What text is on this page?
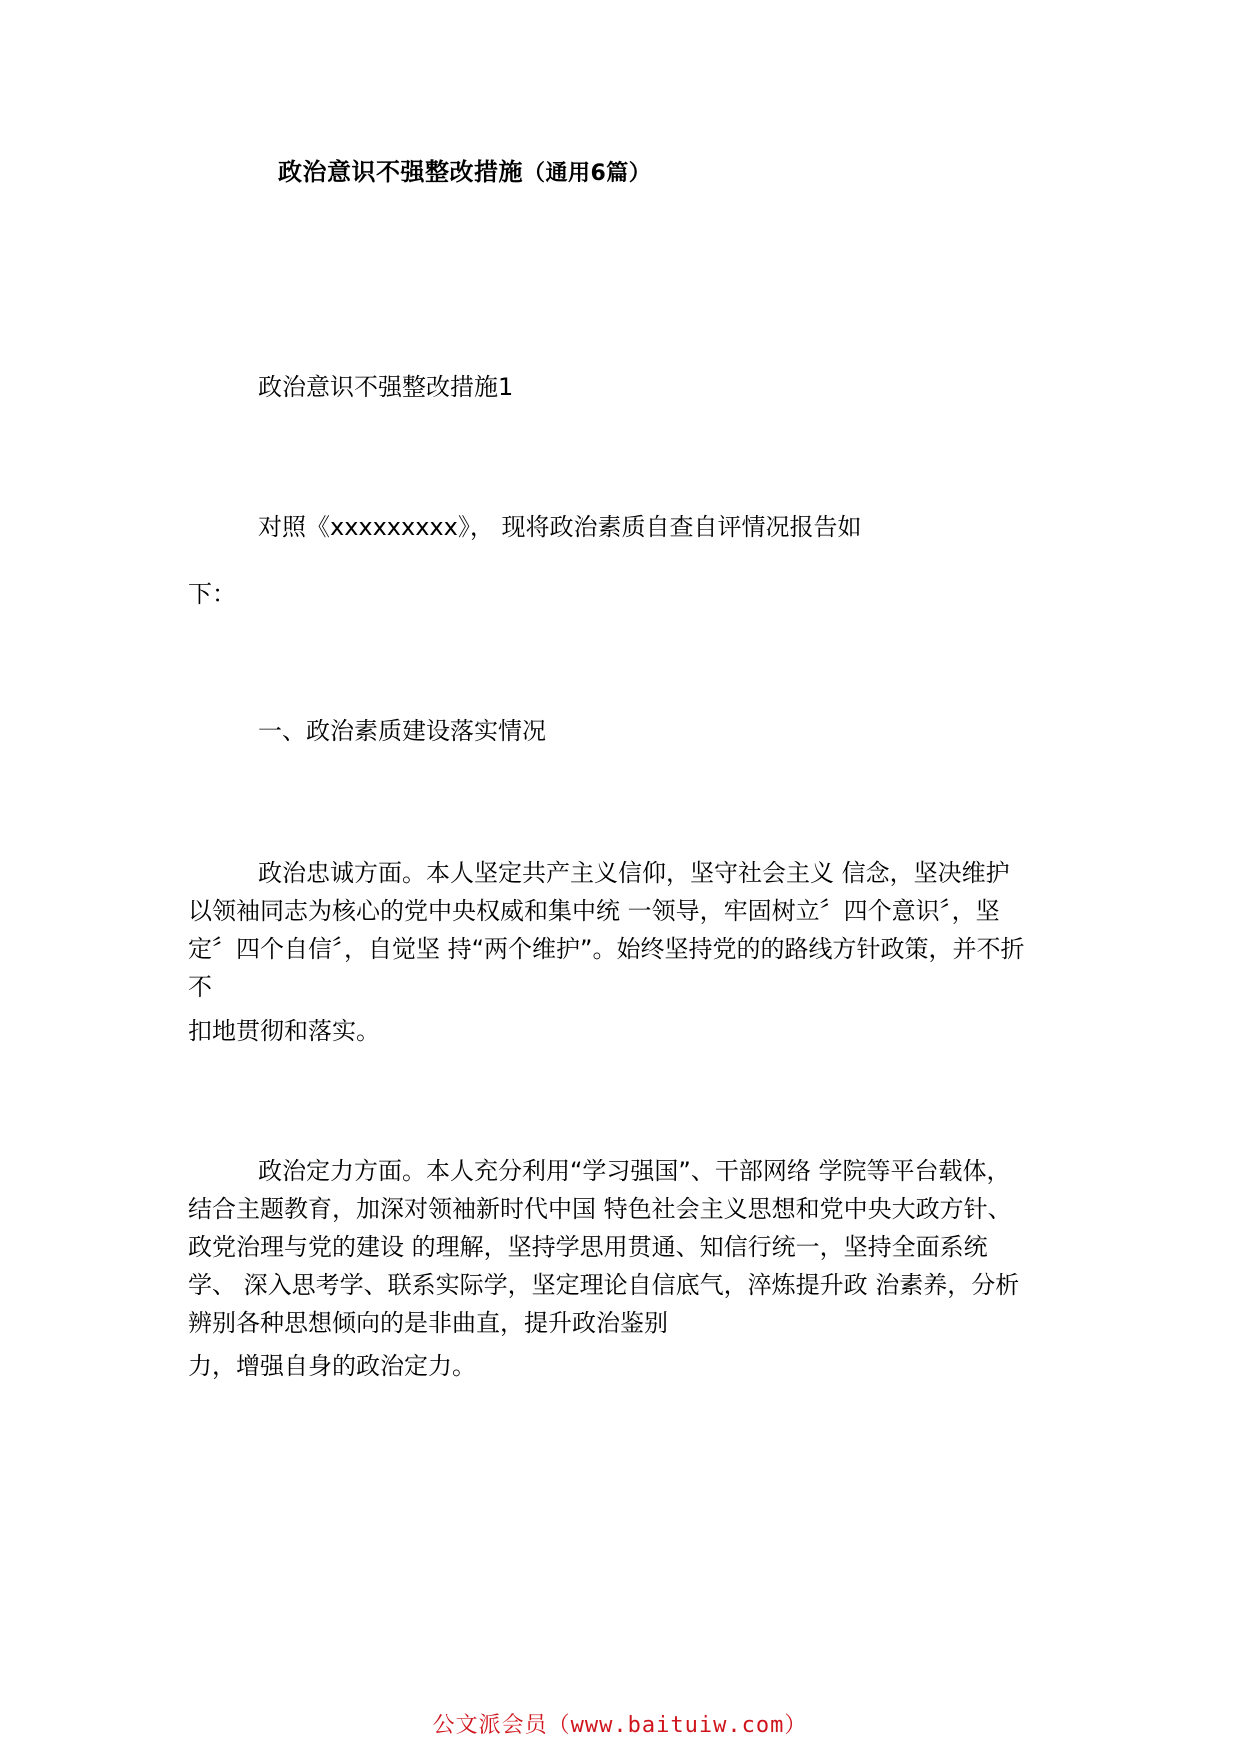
政治意识不强整改措施（通用6篇）
政治意识不强整改措施1
对照《xxxxxxxxx》， 现将政治素质自查自评情况报告如
下：
一、政治素质建设落实情况
政治忠诚方面。本人坚定共产主义信仰，坚守社会主义 信念，坚决维护
以领袖同志为核心的党中央权威和集中统 一领导，牢固树立〞四个意识〞，坚
定〞四个自信〞，自觉坚 持“两个维护”。始终坚持党的的路线方针政策，并不折
不
扣地贯彻和落实。
政治定力方面。本人充分利用“学习强国”、干部网络 学院等平台载体，
结合主题教育，加深对领袖新时代中国 特色社会主义思想和党中央大政方针、
政党治理与党的建设 的理解，坚持学思用贯通、知信行统一，坚持全面系统
学、 深入思考学、联系实际学，坚定理论自信底气，淬炼提升政 治素养，分析
辨别各种思想倾向的是非曲直，提升政治鉴别
力，增强自身的政治定力。
公文派会员（www.baituiw.com）
